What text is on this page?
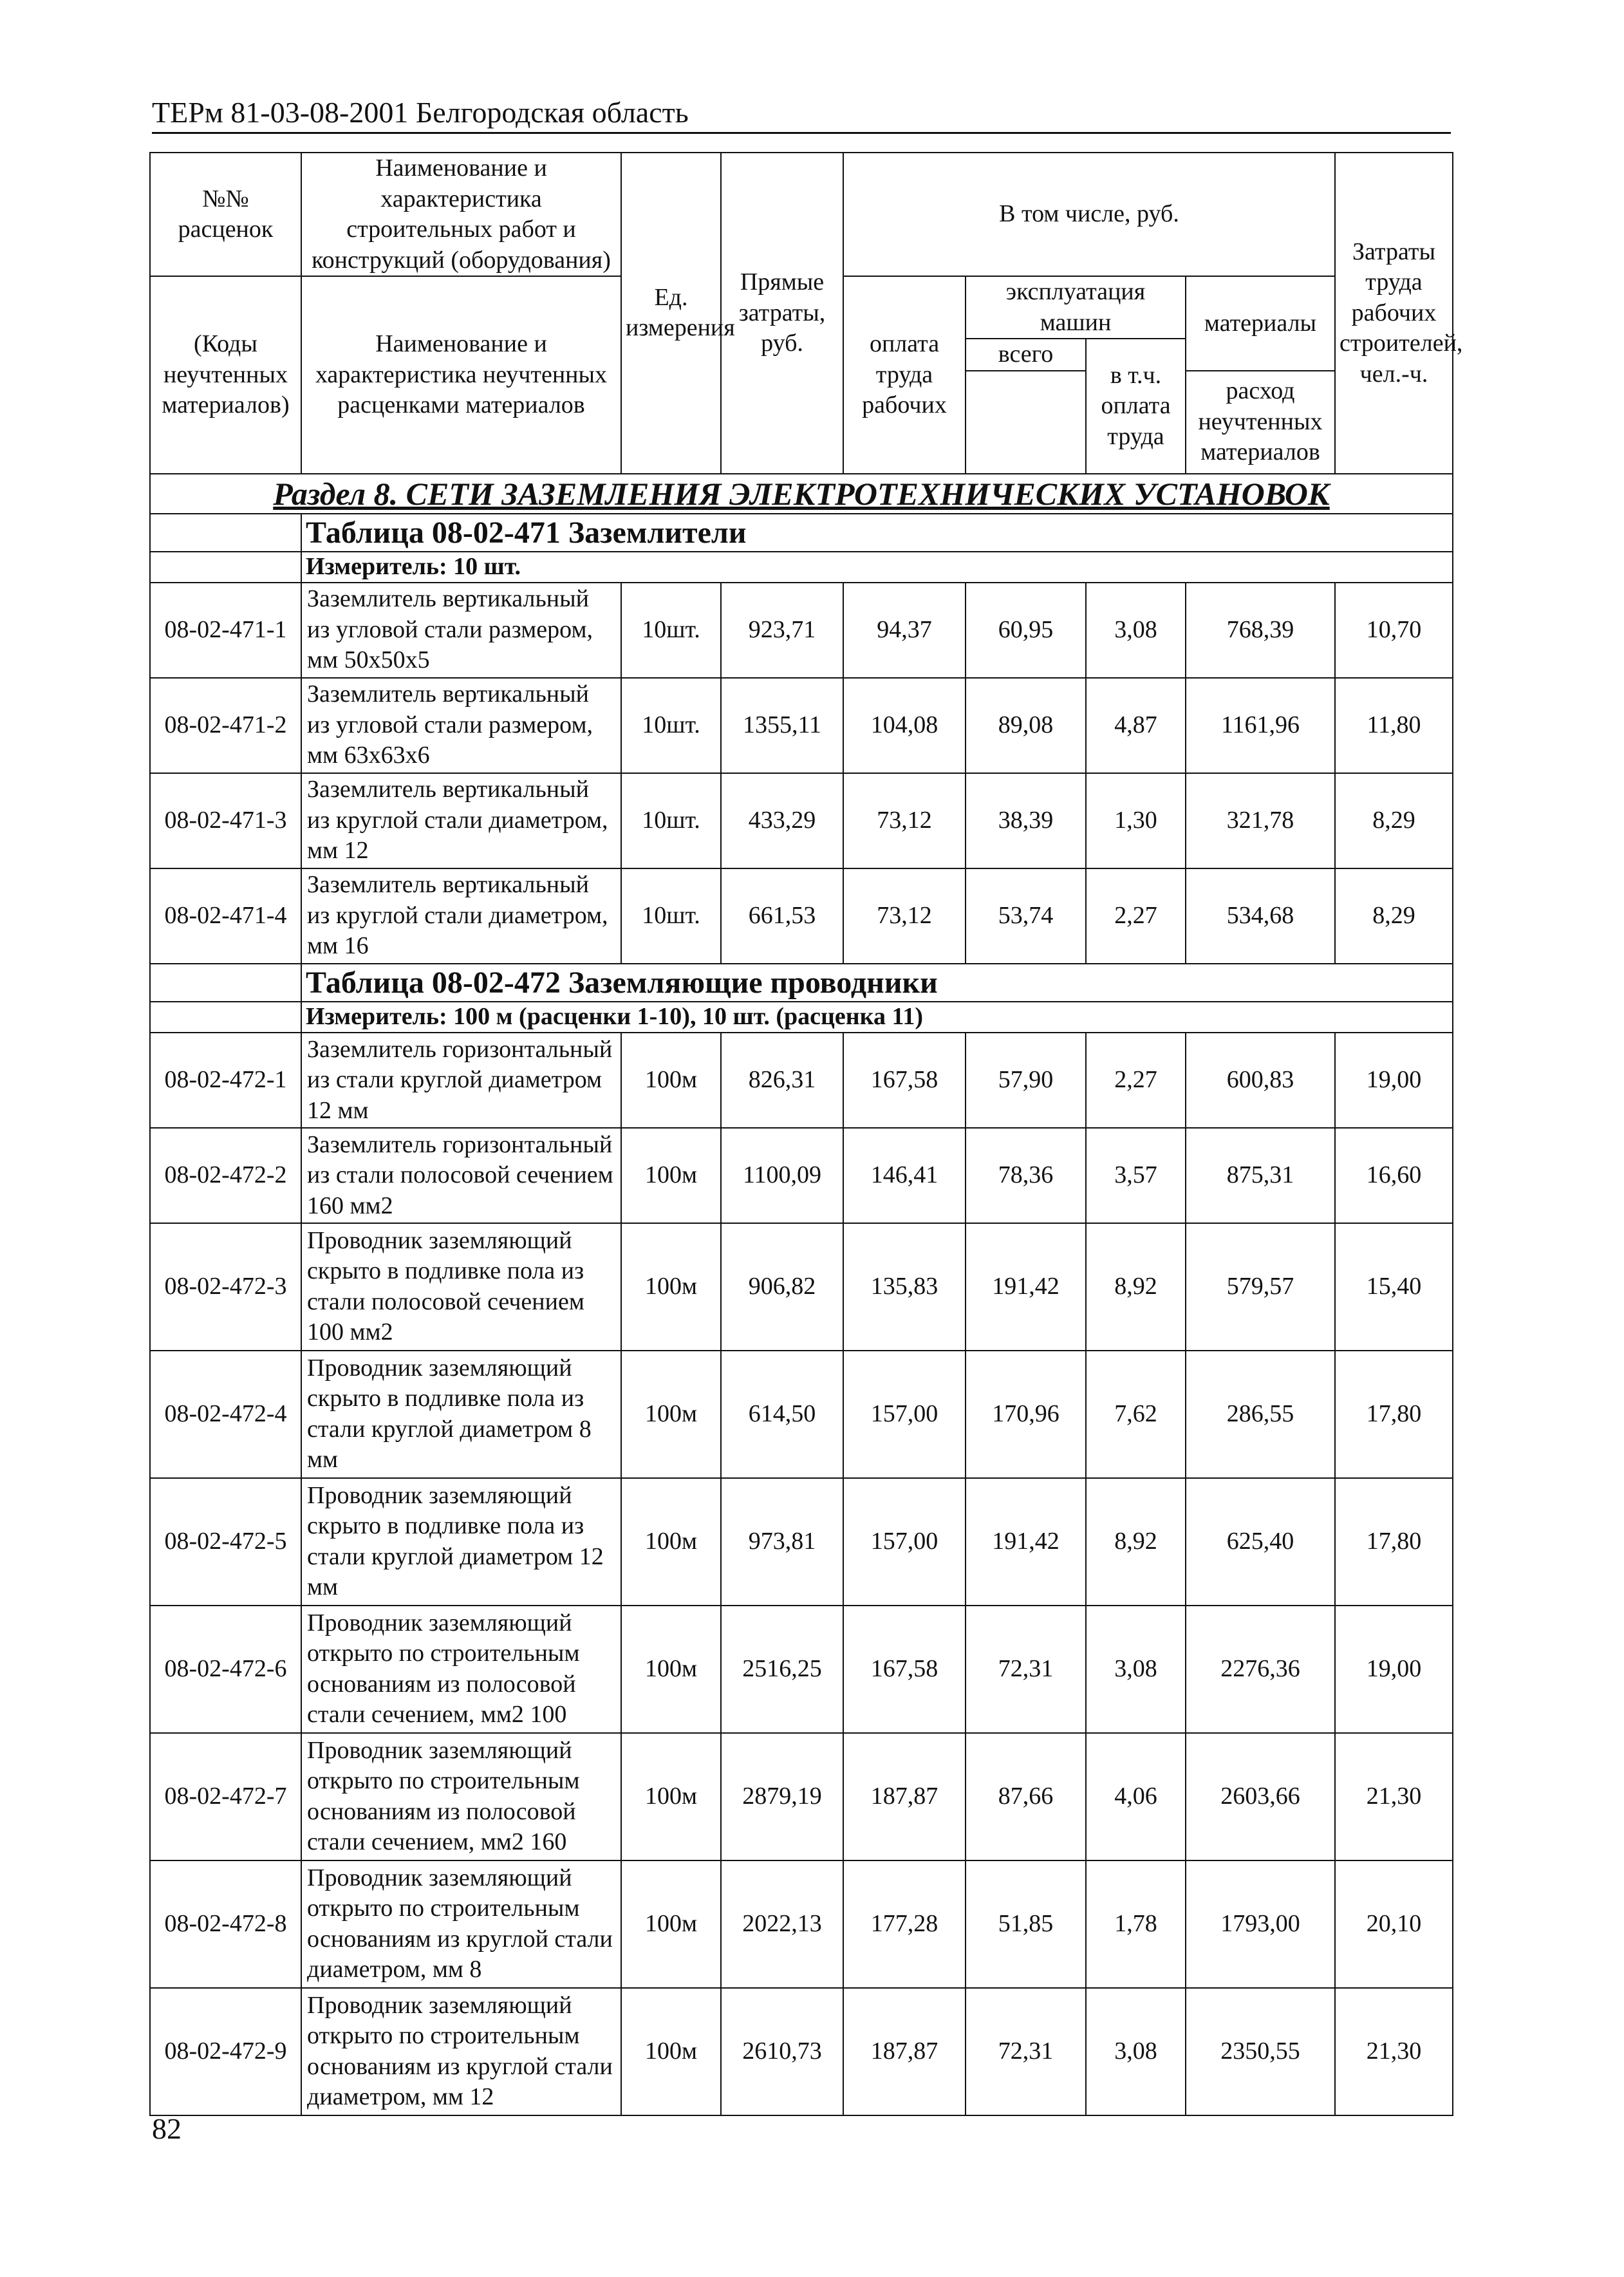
ТЕРм 81-03-08-2001 Белгородская область
№№ расценок	Наименование и характеристика строительных работ и конструкций (оборудования)	Ед. измерения	Прямые затраты, руб.	В том числе, руб.				Затраты труда рабочих строителей, чел.-ч.
(Коды неучтенных материалов)	Наименование и характеристика неучтенных расценками материалов			оплата труда рабочих	эксплуатация машин		материалы	
					всего	в т.ч. оплата труда		
							расход неучтенных материалов	
Раздел 8. СЕТИ ЗАЗЕМЛЕНИЯ ЭЛЕКТРОТЕХНИЧЕСКИХ УСТАНОВОК								
	Таблица 08-02-471 Заземлители							
	Измеритель: 10 шт.							
08-02-471-1	Заземлитель вертикальный из угловой стали размером, мм 50x50x5	10шт.	923,71	94,37	60,95	3,08	768,39	10,70
08-02-471-2	Заземлитель вертикальный из угловой стали размером, мм 63x63x6	10шт.	1355,11	104,08	89,08	4,87	1161,96	11,80
08-02-471-3	Заземлитель вертикальный из круглой стали диаметром, мм 12	10шт.	433,29	73,12	38,39	1,30	321,78	8,29
08-02-471-4	Заземлитель вертикальный из круглой стали диаметром, мм 16	10шт.	661,53	73,12	53,74	2,27	534,68	8,29
	Таблица 08-02-472 Заземляющие проводники							
	Измеритель: 100 м (расценки 1-10), 10 шт. (расценка 11)							
08-02-472-1	Заземлитель горизонтальный из стали круглой диаметром 12 мм	100м	826,31	167,58	57,90	2,27	600,83	19,00
08-02-472-2	Заземлитель горизонтальный из стали полосовой сечением 160 мм2	100м	1100,09	146,41	78,36	3,57	875,31	16,60
08-02-472-3	Проводник заземляющий скрыто в подливке пола из стали полосовой сечением 100 мм2	100м	906,82	135,83	191,42	8,92	579,57	15,40
08-02-472-4	Проводник заземляющий скрыто в подливке пола из стали круглой диаметром 8 мм	100м	614,50	157,00	170,96	7,62	286,55	17,80
08-02-472-5	Проводник заземляющий скрыто в подливке пола из стали круглой диаметром 12 мм	100м	973,81	157,00	191,42	8,92	625,40	17,80
08-02-472-6	Проводник заземляющий открыто по строительным основаниям из полосовой стали сечением, мм2 100	100м	2516,25	167,58	72,31	3,08	2276,36	19,00
08-02-472-7	Проводник заземляющий открыто по строительным основаниям из полосовой стали сечением, мм2 160	100м	2879,19	187,87	87,66	4,06	2603,66	21,30
08-02-472-8	Проводник заземляющий открыто по строительным основаниям из круглой стали диаметром, мм 8	100м	2022,13	177,28	51,85	1,78	1793,00	20,10
08-02-472-9	Проводник заземляющий открыто по строительным основаниям из круглой стали диаметром, мм 12	100м	2610,73	187,87	72,31	3,08	2350,55	21,30
82
